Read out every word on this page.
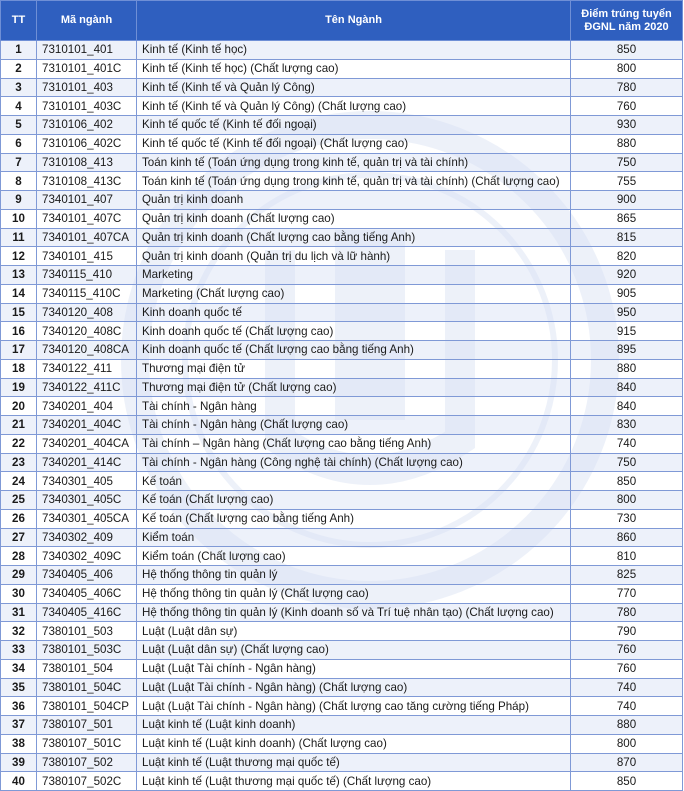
TT	Mã ngành	Tên Ngành	Điểm trúng tuyển
ĐGNL năm 2020
1	7310101_401	Kinh tế (Kinh tế học)	850
2	7310101_401C	Kinh tế (Kinh tế học) (Chất lượng cao)	800
3	7310101_403	Kinh tế (Kinh tế và Quản lý Công)	780
4	7310101_403C	Kinh tế (Kinh tế và Quản lý Công) (Chất lượng cao)	760
5	7310106_402	Kinh tế quốc tế (Kinh tế đối ngoại)	930
6	7310106_402C	Kinh tế quốc tế (Kinh tế đối ngoại) (Chất lượng cao)	880
7	7310108_413	Toán kinh tế (Toán ứng dụng trong kinh tế, quản trị và tài chính)	750
8	7310108_413C	Toán kinh tế (Toán ứng dụng trong kinh tế, quản trị và tài chính) (Chất lượng cao)	755
9	7340101_407	Quản trị kinh doanh	900
10	7340101_407C	Quản trị kinh doanh (Chất lượng cao)	865
11	7340101_407CA	Quản trị kinh doanh (Chất lượng cao bằng tiếng Anh)	815
12	7340101_415	Quản trị kinh doanh (Quản trị du lịch và lữ hành)	820
13	7340115_410	Marketing	920
14	7340115_410C	Marketing (Chất lượng cao)	905
15	7340120_408	Kinh doanh quốc tế	950
16	7340120_408C	Kinh doanh quốc tế (Chất lượng cao)	915
17	7340120_408CA	Kinh doanh quốc tế (Chất lượng cao bằng tiếng Anh)	895
18	7340122_411	Thương mại điện tử	880
19	7340122_411C	Thương mại điện tử (Chất lượng cao)	840
20	7340201_404	Tài chính - Ngân hàng	840
21	7340201_404C	Tài chính - Ngân hàng (Chất lượng cao)	830
22	7340201_404CA	Tài chính – Ngân hàng (Chất lượng cao bằng tiếng Anh)	740
23	7340201_414C	Tài chính - Ngân hàng (Công nghệ tài chính) (Chất lượng cao)	750
24	7340301_405	Kế toán	850
25	7340301_405C	Kế toán (Chất lượng cao)	800
26	7340301_405CA	Kế toán (Chất lượng cao bằng tiếng Anh)	730
27	7340302_409	Kiểm toán	860
28	7340302_409C	Kiểm toán (Chất lượng cao)	810
29	7340405_406	Hệ thống thông tin quản lý	825
30	7340405_406C	Hệ thống thông tin quản lý (Chất lượng cao)	770
31	7340405_416C	Hệ thống thông tin quản lý (Kinh doanh số và Trí tuệ nhân tạo) (Chất lượng cao)	780
32	7380101_503	Luật (Luật dân sự)	790
33	7380101_503C	Luật (Luật dân sự) (Chất lượng cao)	760
34	7380101_504	Luật (Luật Tài chính - Ngân hàng)	760
35	7380101_504C	Luật (Luật Tài chính - Ngân hàng) (Chất lượng cao)	740
36	7380101_504CP	Luật (Luật Tài chính - Ngân hàng) (Chất lượng cao tăng cường tiếng Pháp)	740
37	7380107_501	Luật kinh tế (Luật kinh doanh)	880
38	7380107_501C	Luật kinh tế (Luật kinh doanh) (Chất lượng cao)	800
39	7380107_502	Luật kinh tế (Luật thương mại quốc tế)	870
40	7380107_502C	Luật kinh tế (Luật thương mại quốc tế) (Chất lượng cao)	850
